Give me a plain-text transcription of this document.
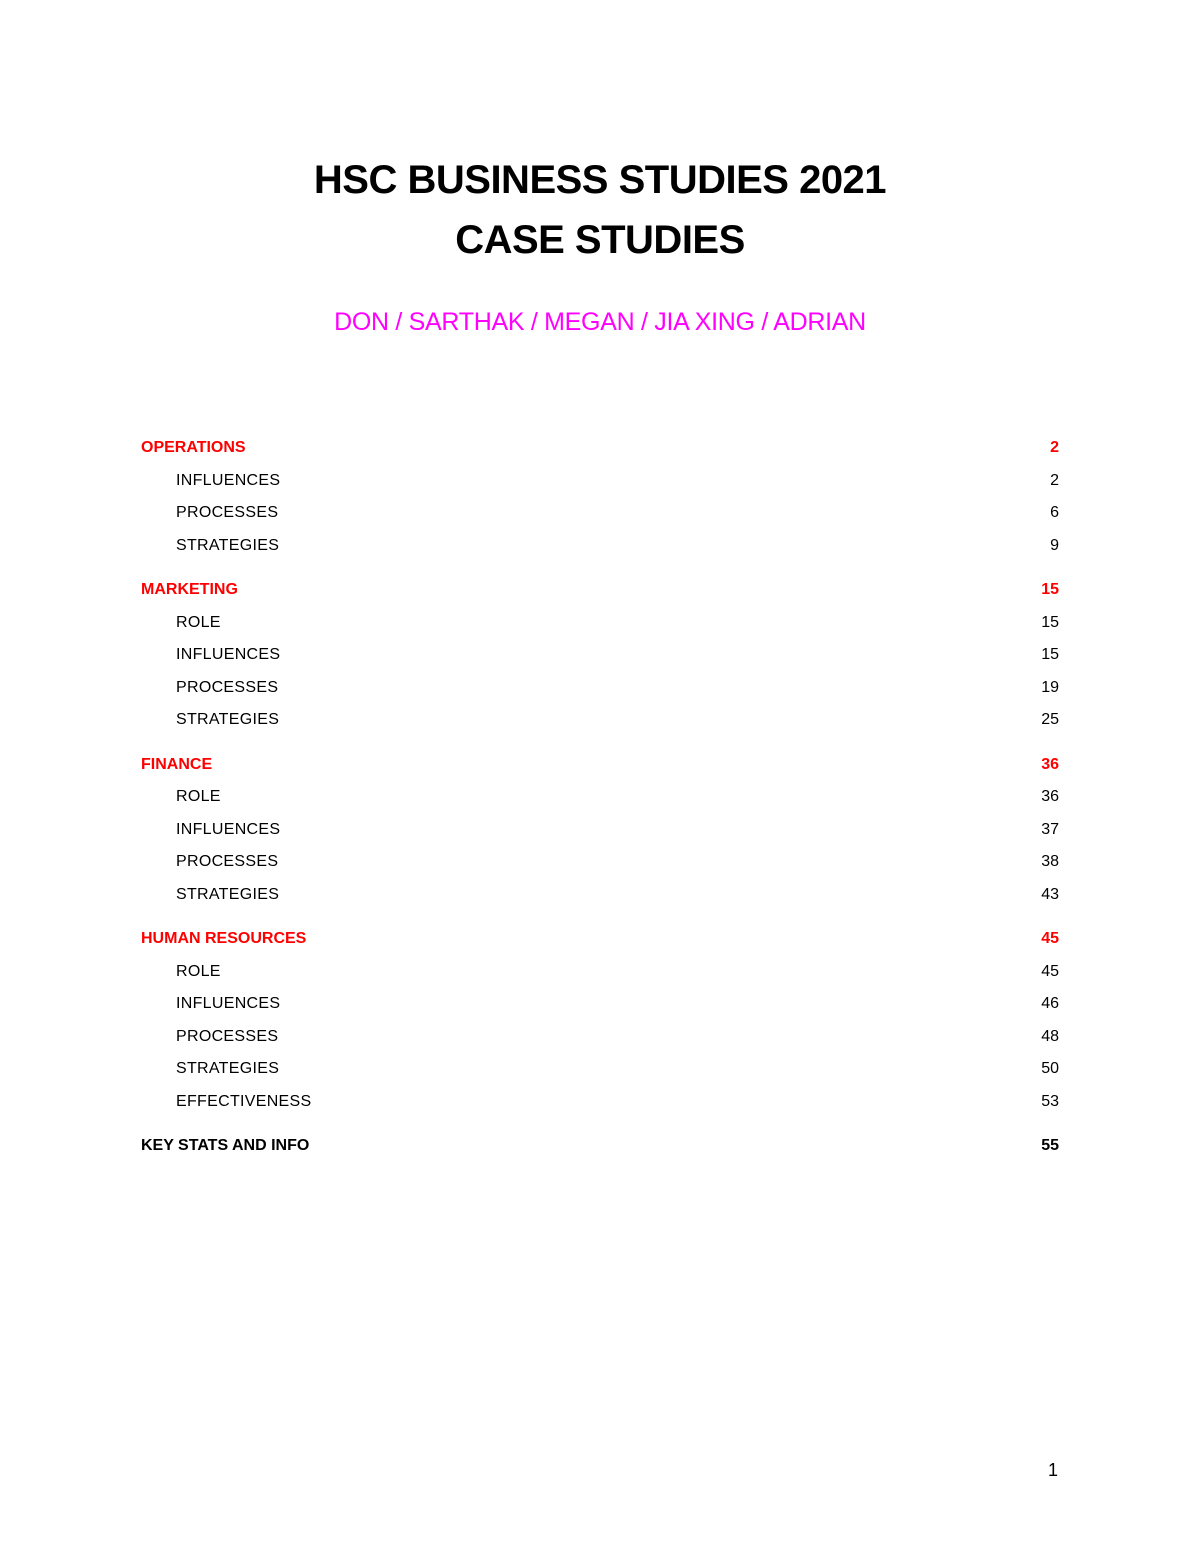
HSC BUSINESS STUDIES 2021
CASE STUDIES
DON / SARTHAK / MEGAN / JIA XING / ADRIAN
OPERATIONS	2
INFLUENCES	2
PROCESSES	6
STRATEGIES	9
MARKETING	15
ROLE	15
INFLUENCES	15
PROCESSES	19
STRATEGIES	25
FINANCE	36
ROLE	36
INFLUENCES	37
PROCESSES	38
STRATEGIES	43
HUMAN RESOURCES	45
ROLE	45
INFLUENCES	46
PROCESSES	48
STRATEGIES	50
EFFECTIVENESS	53
KEY STATS AND INFO	55
1
